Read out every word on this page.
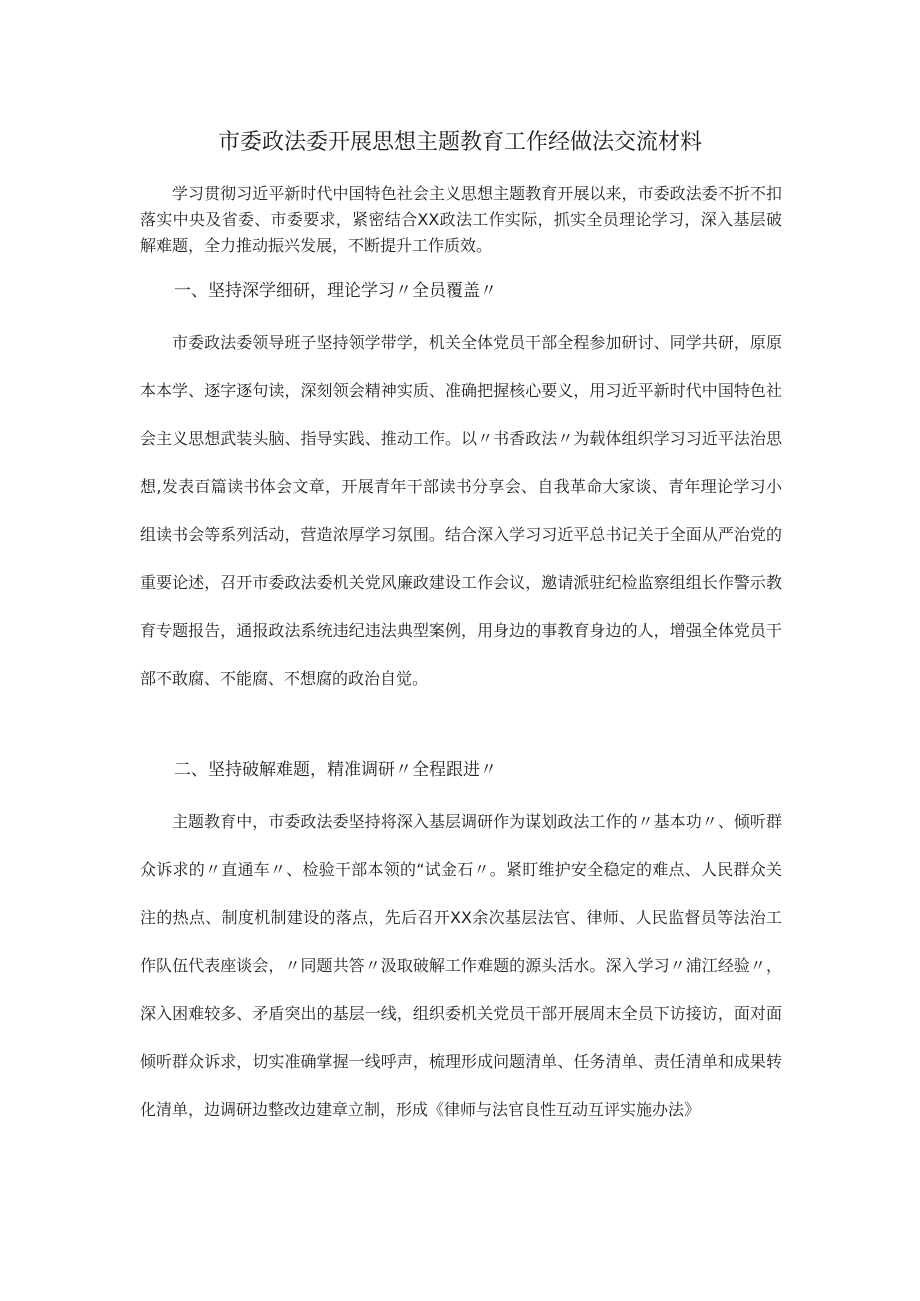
市委政法委开展思想主题教育工作经做法交流材料

学习贯彻习近平新时代中国特色社会主义思想主题教育开展以来，市委政法委不折不扣落实中央及省委、市委要求，紧密结合XX政法工作实际，抓实全员理论学习，深入基层破解难题，全力推动振兴发展，不断提升工作质效。

一、坚持深学细研，理论学习〃全员覆盖〃

市委政法委领导班子坚持领学带学，机关全体党员干部全程参加研讨、同学共研，原原本本学、逐字逐句读，深刻领会精神实质、准确把握核心要义，用习近平新时代中国特色社会主义思想武装头脑、指导实践、推动工作。以〃书香政法〃为载体组织学习习近平法治思想,发表百篇读书体会文章，开展青年干部读书分享会、自我革命大家谈、青年理论学习小组读书会等系列活动，营造浓厚学习氛围。结合深入学习习近平总书记关于全面从严治党的重要论述，召开市委政法委机关党风廉政建设工作会议，邀请派驻纪检监察组组长作警示教育专题报告，通报政法系统违纪违法典型案例，用身边的事教育身边的人，增强全体党员干部不敢腐、不能腐、不想腐的政治自觉。

二、坚持破解难题，精准调研〃全程跟进〃

主题教育中，市委政法委坚持将深入基层调研作为谋划政法工作的〃基本功〃、倾听群众诉求的〃直通车〃、检验干部本领的“试金石〃。紧盯维护安全稳定的难点、人民群众关注的热点、制度机制建设的落点，先后召开XX余次基层法官、律师、人民监督员等法治工作队伍代表座谈会，〃同题共答〃汲取破解工作难题的源头活水。深入学习〃浦江经验〃，深入困难较多、矛盾突出的基层一线，组织委机关党员干部开展周末全员下访接访，面对面倾听群众诉求，切实准确掌握一线呼声，梳理形成问题清单、任务清单、责任清单和成果转化清单，边调研边整改边建章立制，形成《律师与法官良性互动互评实施办法》
